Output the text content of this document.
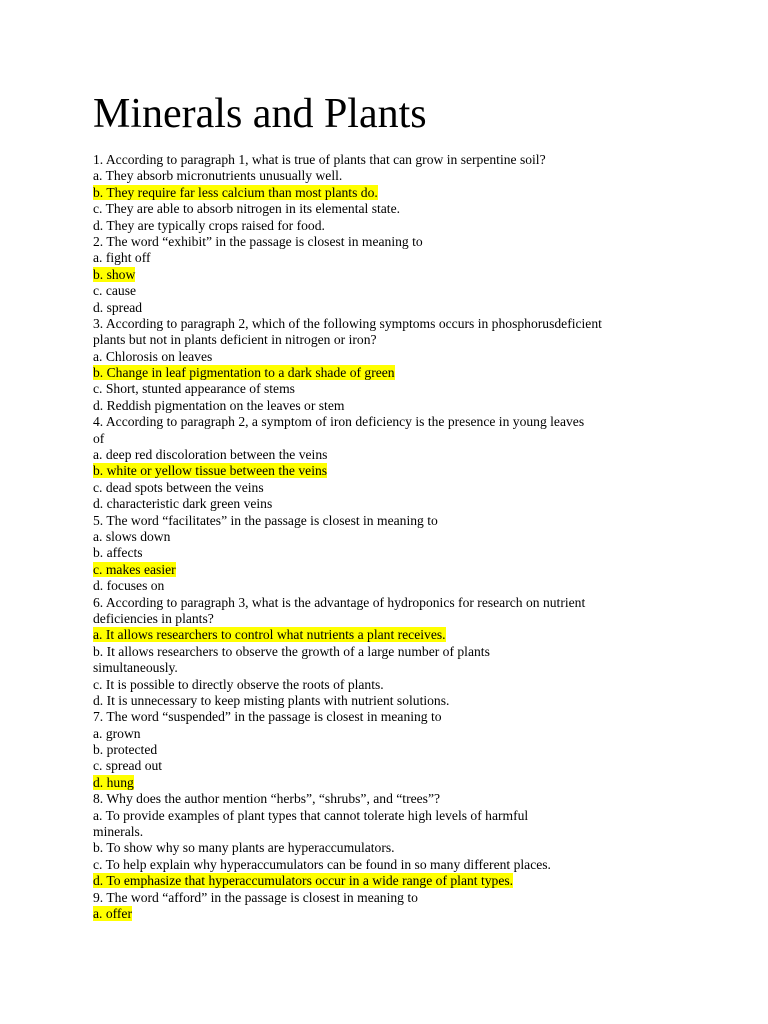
Minerals and Plants
1. According to paragraph 1, what is true of plants that can grow in serpentine soil?
a. They absorb micronutrients unusually well.
b. They require far less calcium than most plants do.
c. They are able to absorb nitrogen in its elemental state.
d. They are typically crops raised for food.
2. The word “exhibit” in the passage is closest in meaning to
a. fight off
b. show
c. cause
d. spread
3. According to paragraph 2, which of the following symptoms occurs in phosphorusdeficient
plants but not in plants deficient in nitrogen or iron?
a. Chlorosis on leaves
b. Change in leaf pigmentation to a dark shade of green
c. Short, stunted appearance of stems
d. Reddish pigmentation on the leaves or stem
4. According to paragraph 2, a symptom of iron deficiency is the presence in young leaves
of
a. deep red discoloration between the veins
b. white or yellow tissue between the veins
c. dead spots between the veins
d. characteristic dark green veins
5. The word “facilitates” in the passage is closest in meaning to
a. slows down
b. affects
c. makes easier
d. focuses on
6. According to paragraph 3, what is the advantage of hydroponics for research on nutrient
deficiencies in plants?
a. It allows researchers to control what nutrients a plant receives.
b. It allows researchers to observe the growth of a large number of plants
simultaneously.
c. It is possible to directly observe the roots of plants.
d. It is unnecessary to keep misting plants with nutrient solutions.
7. The word “suspended” in the passage is closest in meaning to
a. grown
b. protected
c. spread out
d. hung
8. Why does the author mention “herbs”, “shrubs”, and “trees”?
a. To provide examples of plant types that cannot tolerate high levels of harmful
minerals.
b. To show why so many plants are hyperaccumulators.
c. To help explain why hyperaccumulators can be found in so many different places.
d. To emphasize that hyperaccumulators occur in a wide range of plant types.
9. The word “afford” in the passage is closest in meaning to
a. offer
